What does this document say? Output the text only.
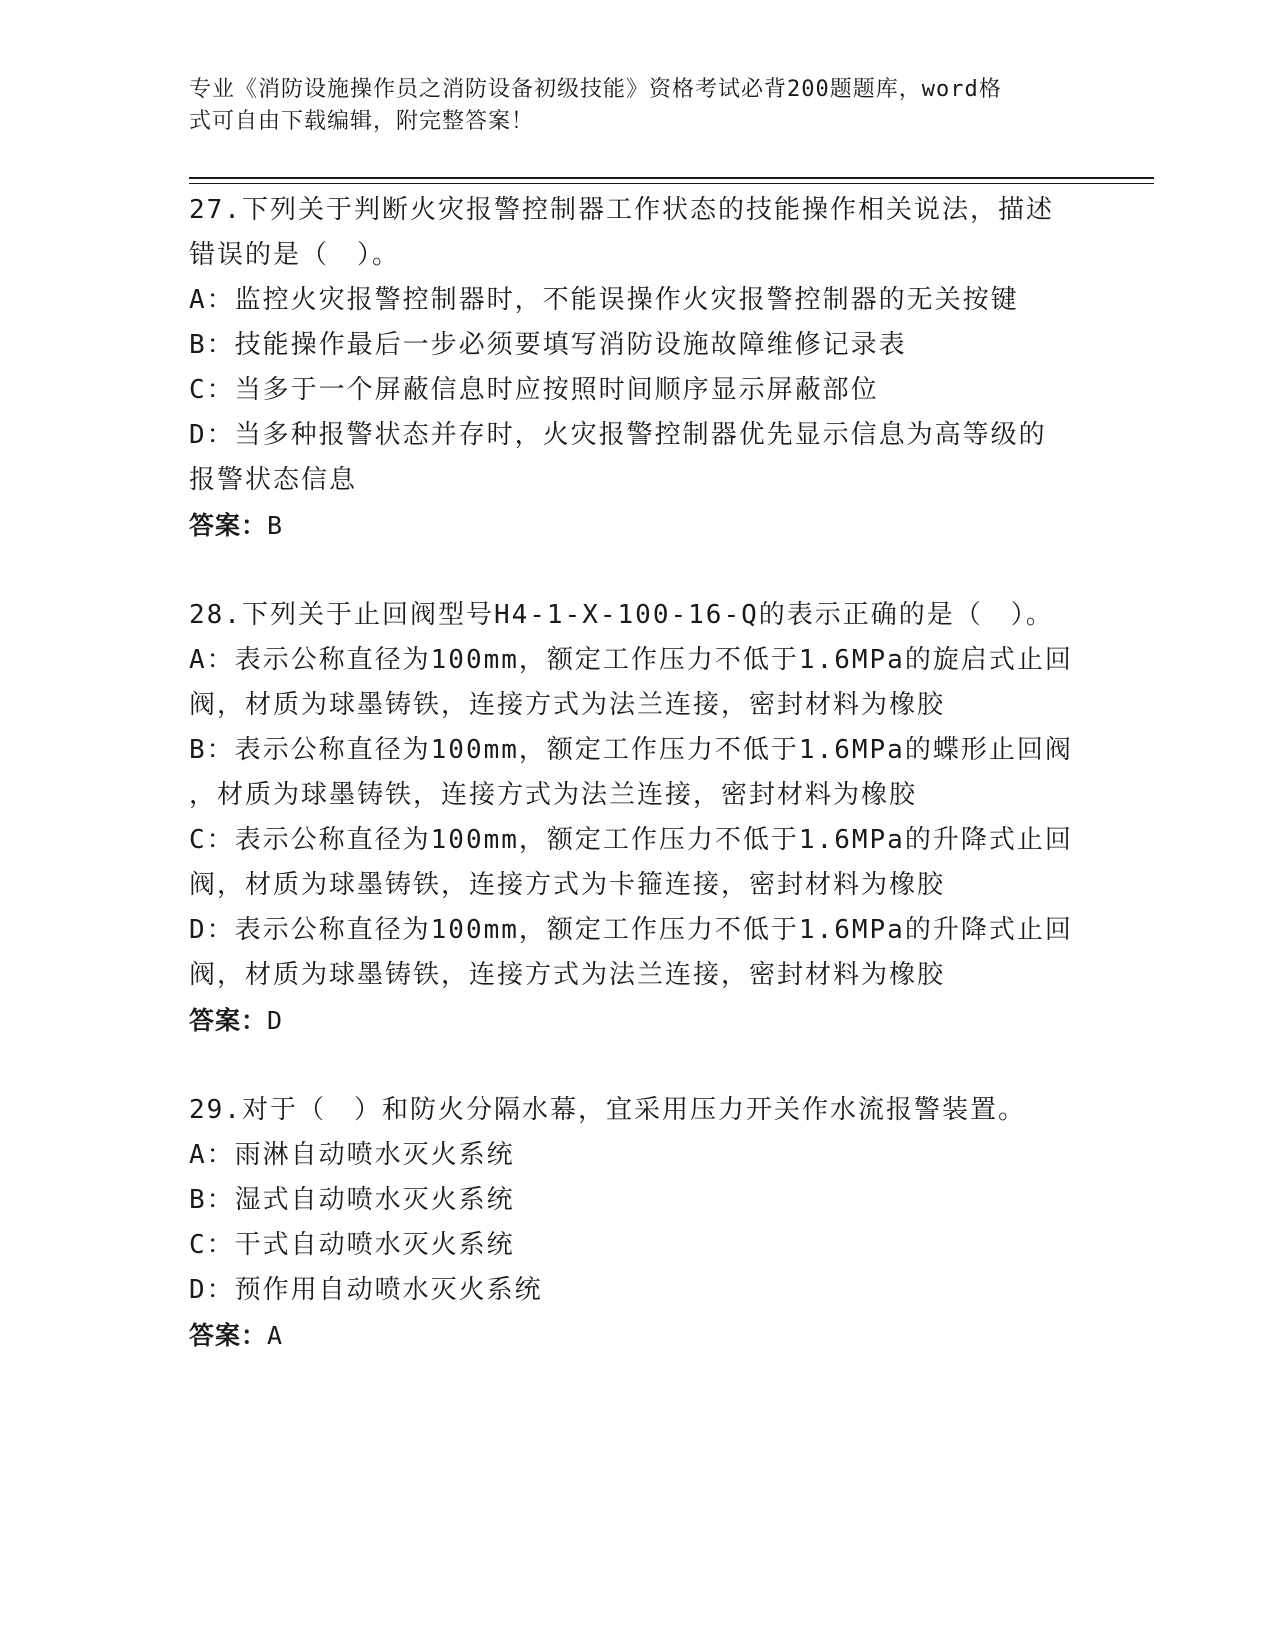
专业《消防设施操作员之消防设备初级技能》资格考试必背200题题库，word格
式可自由下载编辑，附完整答案！
27.下列关于判断火灾报警控制器工作状态的技能操作相关说法，描述
错误的是（　）。
A：监控火灾报警控制器时，不能误操作火灾报警控制器的无关按键
B：技能操作最后一步必须要填写消防设施故障维修记录表
C：当多于一个屏蔽信息时应按照时间顺序显示屏蔽部位
D：当多种报警状态并存时，火灾报警控制器优先显示信息为高等级的
报警状态信息
答案：B
28.下列关于止回阀型号H4-1-X-100-16-Q的表示正确的是（　）。
A：表示公称直径为100mm，额定工作压力不低于1.6MPa的旋启式止回
阀，材质为球墨铸铁，连接方式为法兰连接，密封材料为橡胶
B：表示公称直径为100mm，额定工作压力不低于1.6MPa的蝶形止回阀
，材质为球墨铸铁，连接方式为法兰连接，密封材料为橡胶
C：表示公称直径为100mm，额定工作压力不低于1.6MPa的升降式止回
阀，材质为球墨铸铁，连接方式为卡箍连接，密封材料为橡胶
D：表示公称直径为100mm，额定工作压力不低于1.6MPa的升降式止回
阀，材质为球墨铸铁，连接方式为法兰连接，密封材料为橡胶
答案：D
29.对于（　）和防火分隔水幕，宜采用压力开关作水流报警装置。
A：雨淋自动喷水灭火系统
B：湿式自动喷水灭火系统
C：干式自动喷水灭火系统
D：预作用自动喷水灭火系统
答案：A
